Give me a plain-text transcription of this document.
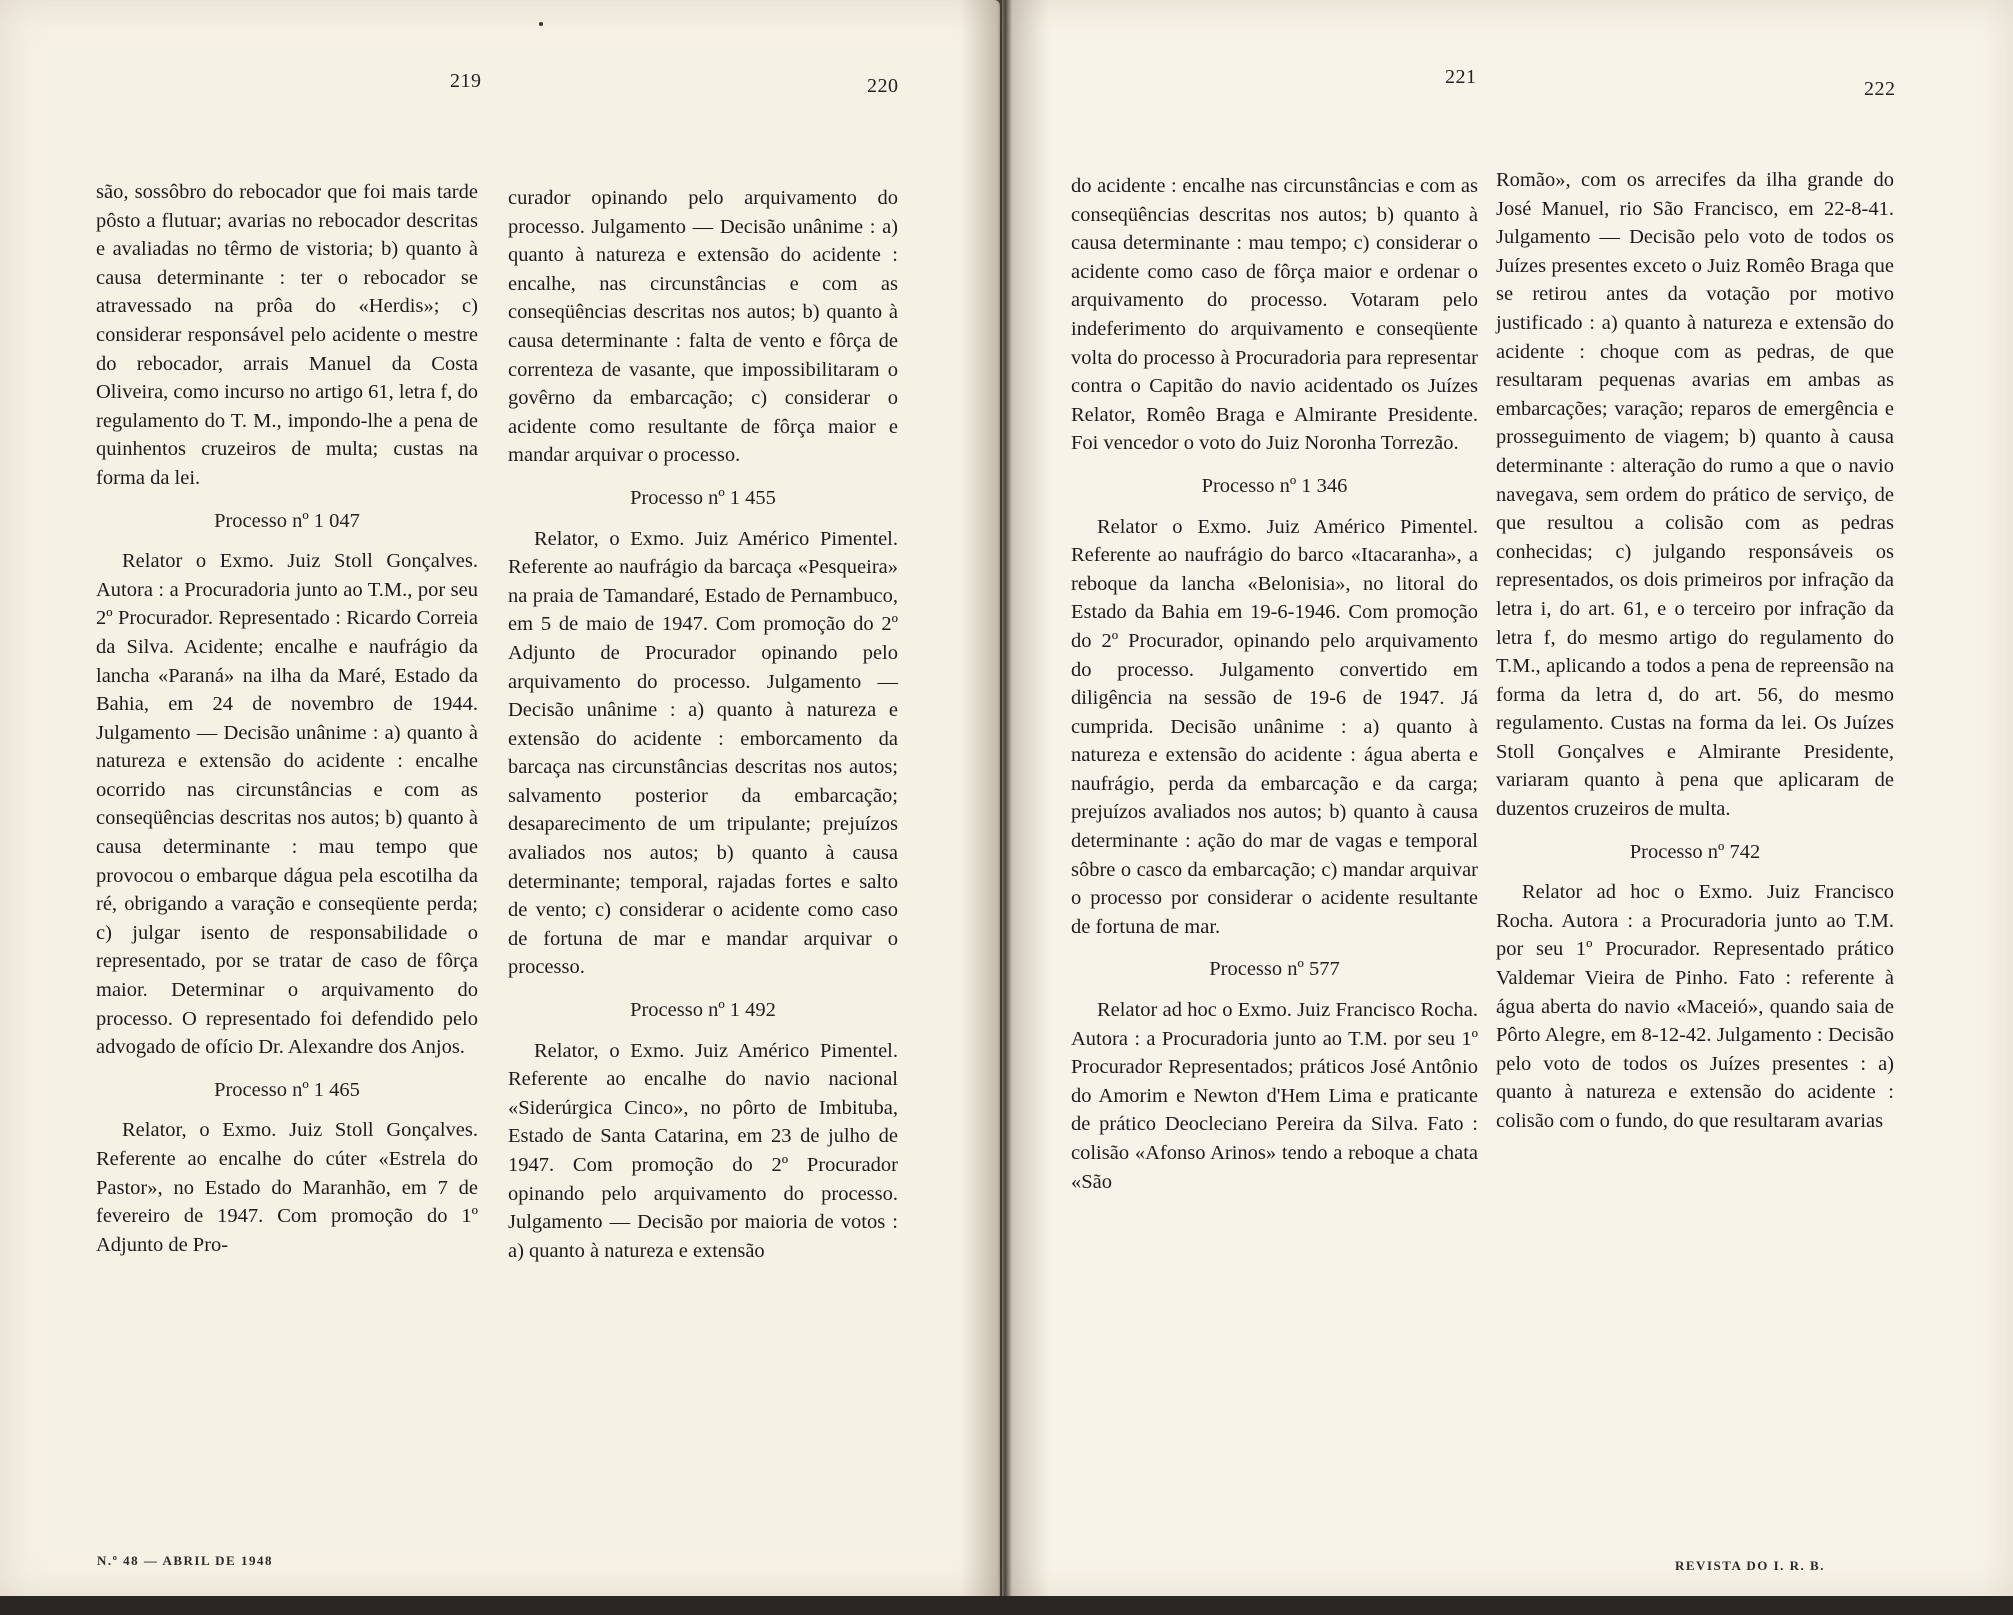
219	220	221
222

são, sossôbro do rebocador que foi mais tarde pôsto a flutuar; avarias no rebocador descritas e avaliadas no têrmo de vistoria; b) quanto à causa determinante : ter o rebocador se atravessado na prôa do «Herdis»; c) considerar responsável pelo acidente o mestre do rebocador, arrais Manuel da Costa Oliveira, como incurso no artigo 61, letra f, do regulamento do T. M., impondo-lhe a pena de quinhentos cruzeiros de multa; custas na forma da lei.

Processo nº 1 047

Relator o Exmo. Juiz Stoll Gonçalves. Autora : a Procuradoria junto ao T.M., por seu 2º Procurador. Representado : Ricardo Correia da Silva. Acidente; encalhe e naufrágio da lancha «Paraná» na ilha da Maré, Estado da Bahia, em 24 de novembro de 1944. Julgamento — Decisão unânime : a) quanto à natureza e extensão do acidente : encalhe ocorrido nas circunstâncias e com as conseqüências descritas nos autos; b) quanto à causa determinante : mau tempo que provocou o embarque dágua pela escotilha da ré, obrigando a varação e conseqüente perda; c) julgar isento de responsabilidade o representado, por se tratar de caso de fôrça maior. Determinar o arquivamento do processo. O representado foi defendido pelo advogado de ofício Dr. Alexandre dos Anjos.

Processo nº 1 465

Relator, o Exmo. Juiz Stoll Gonçalves. Referente ao encalhe do cúter «Estrela do Pastor», no Estado do Maranhão, em 7 de fevereiro de 1947. Com promoção do 1º Adjunto de Pro-

curador opinando pelo arquivamento do processo. Julgamento — Decisão unânime : a) quanto à natureza e extensão do acidente : encalhe, nas circunstâncias e com as conseqüências descritas nos autos; b) quanto à causa determinante : falta de vento e fôrça de correnteza de vasante, que impossibilitaram o govêrno da embarcação; c) considerar o acidente como resultante de fôrça maior e mandar arquivar o processo.

Processo nº 1 455

Relator, o Exmo. Juiz Américo Pimentel. Referente ao naufrágio da barcaça «Pesqueira» na praia de Tamandaré, Estado de Pernambuco, em 5 de maio de 1947. Com promoção do 2º Adjunto de Procurador opinando pelo arquivamento do processo. Julgamento — Decisão unânime : a) quanto à natureza e extensão do acidente : emborcamento da barcaça nas circunstâncias descritas nos autos; salvamento posterior da embarcação; desaparecimento de um tripulante; prejuízos avaliados nos autos; b) quanto à causa determinante; temporal, rajadas fortes e salto de vento; c) considerar o acidente como caso de fortuna de mar e mandar arquivar o processo.

Processo nº 1 492

Relator, o Exmo. Juiz Américo Pimentel. Referente ao encalhe do navio nacional «Siderúrgica Cinco», no pôrto de Imbituba, Estado de Santa Catarina, em 23 de julho de 1947. Com promoção do 2º Procurador opinando pelo arquivamento do processo. Julgamento — Decisão por maioria de votos : a) quanto à natureza e extensão

do acidente : encalhe nas circunstâncias e com as conseqüências descritas nos autos; b) quanto à causa determinante : mau tempo; c) considerar o acidente como caso de fôrça maior e ordenar o arquivamento do processo. Votaram pelo indeferimento do arquivamento e conseqüente volta do processo à Procuradoria para representar contra o Capitão do navio acidentado os Juízes Relator, Romêo Braga e Almirante Presidente. Foi vencedor o voto do Juiz Noronha Torrezão.

Processo nº 1 346

Relator o Exmo. Juiz Américo Pimentel. Referente ao naufrágio do barco «Itacaranha», a reboque da lancha «Belonisia», no litoral do Estado da Bahia em 19-6-1946. Com promoção do 2º Procurador, opinando pelo arquivamento do processo. Julgamento convertido em diligência na sessão de 19-6 de 1947. Já cumprida. Decisão unânime : a) quanto à natureza e extensão do acidente : água aberta e naufrágio, perda da embarcação e da carga; prejuízos avaliados nos autos; b) quanto à causa determinante : ação do mar de vagas e temporal sôbre o casco da embarcação; c) mandar arquivar o processo por considerar o acidente resultante de fortuna de mar.

Processo nº 577

Relator ad hoc o Exmo. Juiz Francisco Rocha. Autora : a Procuradoria junto ao T.M. por seu 1º Procurador Representados; práticos José Antônio do Amorim e Newton d'Hem Lima e praticante de prático Deocleciano Pereira da Silva. Fato : colisão «Afonso Arinos» tendo a reboque a chata «São

Romão», com os arrecifes da ilha grande do José Manuel, rio São Francisco, em 22-8-41. Julgamento — Decisão pelo voto de todos os Juízes presentes exceto o Juiz Romêo Braga que se retirou antes da votação por motivo justificado : a) quanto à natureza e extensão do acidente : choque com as pedras, de que resultaram pequenas avarias em ambas as embarcações; varação; reparos de emergência e prosseguimento de viagem; b) quanto à causa determinante : alteração do rumo a que o navio navegava, sem ordem do prático de serviço, de que resultou a colisão com as pedras conhecidas; c) julgando responsáveis os representados, os dois primeiros por infração da letra i, do art. 61, e o terceiro por infração da letra f, do mesmo artigo do regulamento do T.M., aplicando a todos a pena de repreensão na forma da letra d, do art. 56, do mesmo regulamento. Custas na forma da lei. Os Juízes Stoll Gonçalves e Almirante Presidente, variaram quanto à pena que aplicaram de duzentos cruzeiros de multa.

Processo nº 742

Relator ad hoc o Exmo. Juiz Francisco Rocha. Autora : a Procuradoria junto ao T.M. por seu 1º Procurador. Representado prático Valdemar Vieira de Pinho. Fato : referente à água aberta do navio «Maceió», quando saia de Pôrto Alegre, em 8-12-42. Julgamento : Decisão pelo voto de todos os Juízes presentes : a) quanto à natureza e extensão do acidente : colisão com o fundo, do que resultaram avarias

N.º 48 — ABRIL DE 1948	REVISTA DO I. R. B.
